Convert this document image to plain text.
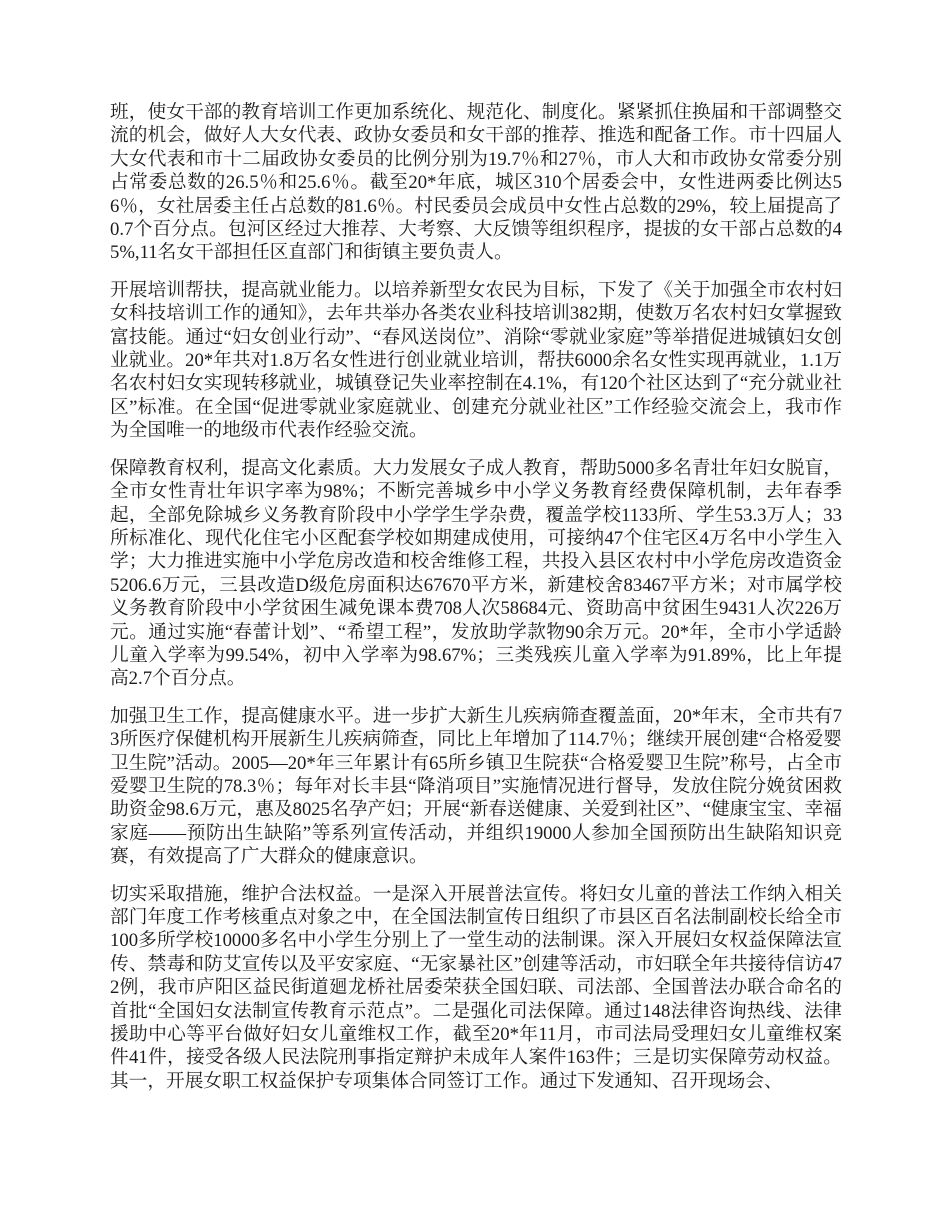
班，使女干部的教育培训工作更加系统化、规范化、制度化。紧紧抓住换届和干部调整交流的机会，做好人大女代表、政协女委员和女干部的推荐、推选和配备工作。市十四届人大女代表和市十二届政协女委员的比例分别为19.7％和27％，市人大和市政协女常委分别占常委总数的26.5％和25.6％。截至20*年底，城区310个居委会中，女性进两委比例达56％，女社居委主任占总数的81.6％。村民委员会成员中女性占总数的29%，较上届提高了0.7个百分点。包河区经过大推荐、大考察、大反馈等组织程序，提拔的女干部占总数的45%,11名女干部担任区直部门和街镇主要负责人。

开展培训帮扶，提高就业能力。以培养新型女农民为目标，下发了《关于加强全市农村妇女科技培训工作的通知》，去年共举办各类农业科技培训382期，使数万名农村妇女掌握致富技能。通过“妇女创业行动”、“春风送岗位”、消除“零就业家庭”等举措促进城镇妇女创业就业。20*年共对1.8万名女性进行创业就业培训，帮扶6000余名女性实现再就业，1.1万名农村妇女实现转移就业，城镇登记失业率控制在4.1%，有120个社区达到了“充分就业社区”标准。在全国“促进零就业家庭就业、创建充分就业社区”工作经验交流会上，我市作为全国唯一的地级市代表作经验交流。

保障教育权利，提高文化素质。大力发展女子成人教育，帮助5000多名青壮年妇女脱盲，全市女性青壮年识字率为98%；不断完善城乡中小学义务教育经费保障机制，去年春季起，全部免除城乡义务教育阶段中小学学生学杂费，覆盖学校1133所、学生53.3万人；33所标准化、现代化住宅小区配套学校如期建成使用，可接纳47个住宅区4万名中小学生入学；大力推进实施中小学危房改造和校舍维修工程，共投入县区农村中小学危房改造资金5206.6万元，三县改造D级危房面积达67670平方米，新建校舍83467平方米；对市属学校义务教育阶段中小学贫困生减免课本费708人次58684元、资助高中贫困生9431人次226万元。通过实施“春蕾计划”、“希望工程”，发放助学款物90余万元。20*年，全市小学适龄儿童入学率为99.54%，初中入学率为98.67%；三类残疾儿童入学率为91.89%，比上年提高2.7个百分点。

加强卫生工作，提高健康水平。进一步扩大新生儿疾病筛查覆盖面，20*年末，全市共有73所医疗保健机构开展新生儿疾病筛查，同比上年增加了114.7％；继续开展创建“合格爱婴卫生院”活动。2005—20*年三年累计有65所乡镇卫生院获“合格爱婴卫生院”称号，占全市爱婴卫生院的78.3％；每年对长丰县“降消项目”实施情况进行督导，发放住院分娩贫困救助资金98.6万元，惠及8025名孕产妇；开展“新春送健康、关爱到社区”、“健康宝宝、幸福家庭——预防出生缺陷”等系列宣传活动，并组织19000人参加全国预防出生缺陷知识竞赛，有效提高了广大群众的健康意识。

切实采取措施，维护合法权益。一是深入开展普法宣传。将妇女儿童的普法工作纳入相关部门年度工作考核重点对象之中，在全国法制宣传日组织了市县区百名法制副校长给全市100多所学校10000多名中小学生分别上了一堂生动的法制课。深入开展妇女权益保障法宣传、禁毒和防艾宣传以及平安家庭、“无家暴社区”创建等活动，市妇联全年共接待信访472例，我市庐阳区益民街道廻龙桥社居委荣获全国妇联、司法部、全国普法办联合命名的首批“全国妇女法制宣传教育示范点”。二是强化司法保障。通过148法律咨询热线、法律援助中心等平台做好妇女儿童维权工作，截至20*年11月，市司法局受理妇女儿童维权案件41件，接受各级人民法院刑事指定辩护未成年人案件163件；三是切实保障劳动权益。其一，开展女职工权益保护专项集体合同签订工作。通过下发通知、召开现场会、
